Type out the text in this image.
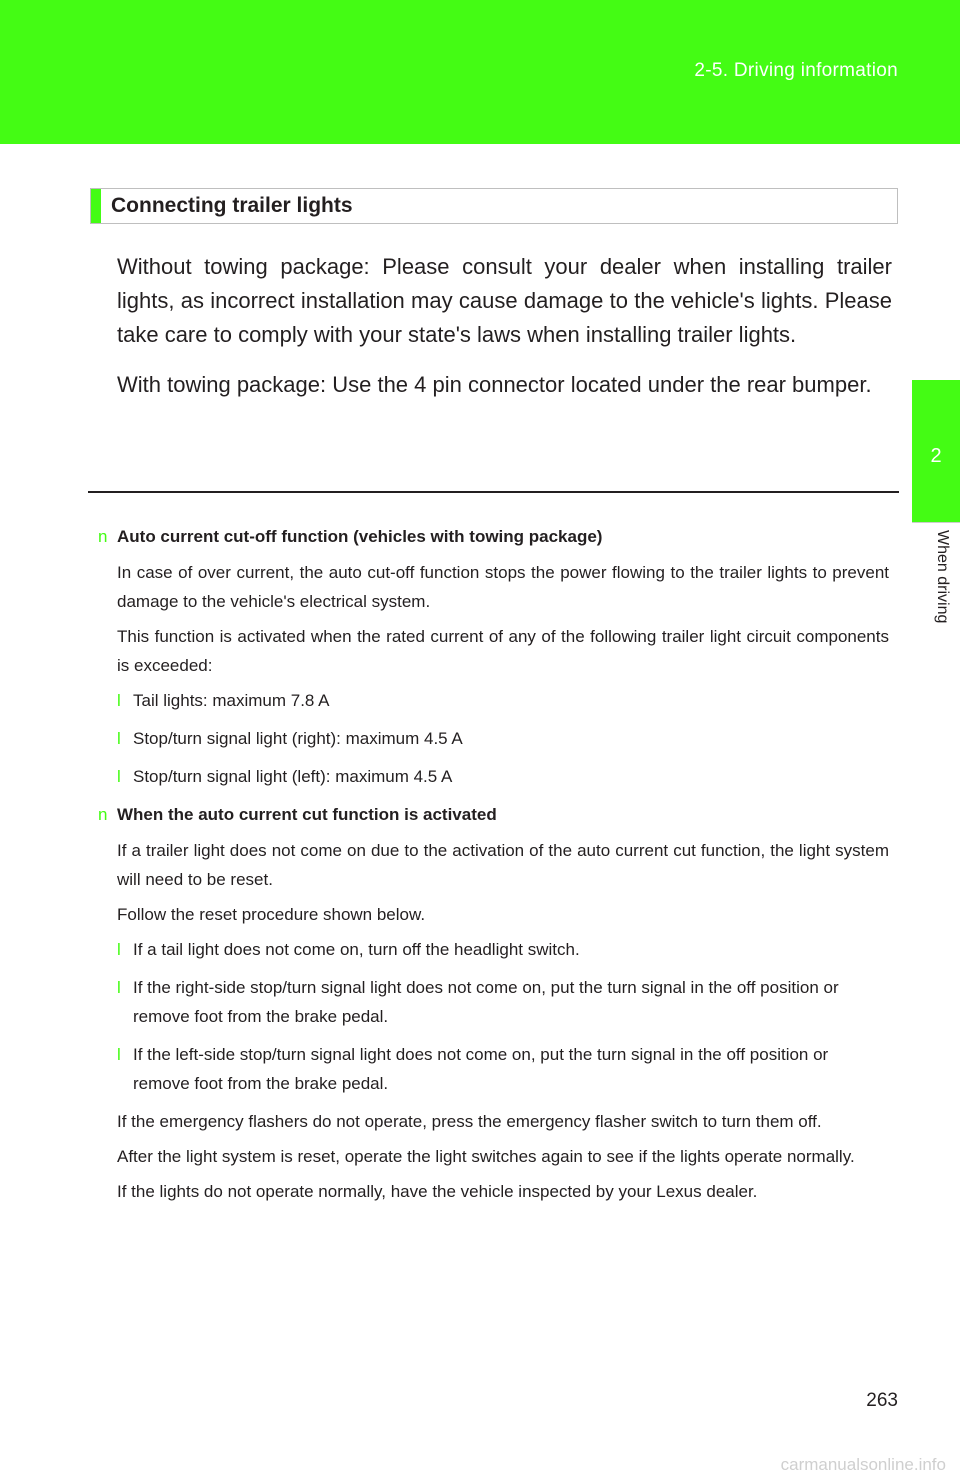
2-5. Driving information
2
When driving
Connecting trailer lights

Without towing package: Please consult your dealer when installing trailer lights, as incorrect installation may cause damage to the vehicle's lights. Please take care to comply with your state's laws when installing trailer lights.

With towing package: Use the 4 pin connector located under the rear bumper.

n Auto current cut-off function (vehicles with towing package)
In case of over current, the auto cut-off function stops the power flowing to the trailer lights to prevent damage to the vehicle's electrical system.
This function is activated when the rated current of any of the following trailer light circuit components is exceeded:
l Tail lights: maximum 7.8 A
l Stop/turn signal light (right): maximum 4.5 A
l Stop/turn signal light (left): maximum 4.5 A
n When the auto current cut function is activated
If a trailer light does not come on due to the activation of the auto current cut function, the light system will need to be reset.
Follow the reset procedure shown below.
l If a tail light does not come on, turn off the headlight switch.
l If the right-side stop/turn signal light does not come on, put the turn signal in the off position or remove foot from the brake pedal.
l If the left-side stop/turn signal light does not come on, put the turn signal in the off position or remove foot from the brake pedal.
If the emergency flashers do not operate, press the emergency flasher switch to turn them off.
After the light system is reset, operate the light switches again to see if the lights operate normally.
If the lights do not operate normally, have the vehicle inspected by your Lexus dealer.
263
carmanualsonline.info
